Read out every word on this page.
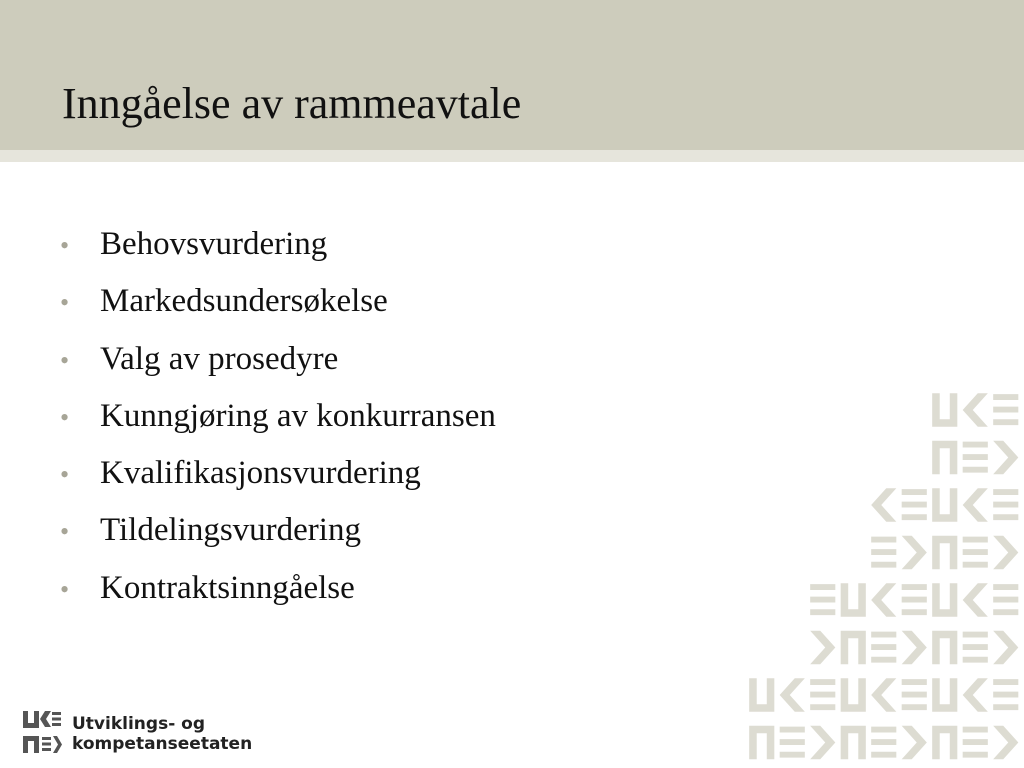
Inngåelse av rammeavtale
• Behovsvurdering
• Markedsundersøkelse
• Valg av prosedyre
• Kunngjøring av konkurransen
• Kvalifikasjonsvurdering
• Tildelingsvurdering
• Kontraktsinngåelse
Utviklings- og
kompetanseetaten
